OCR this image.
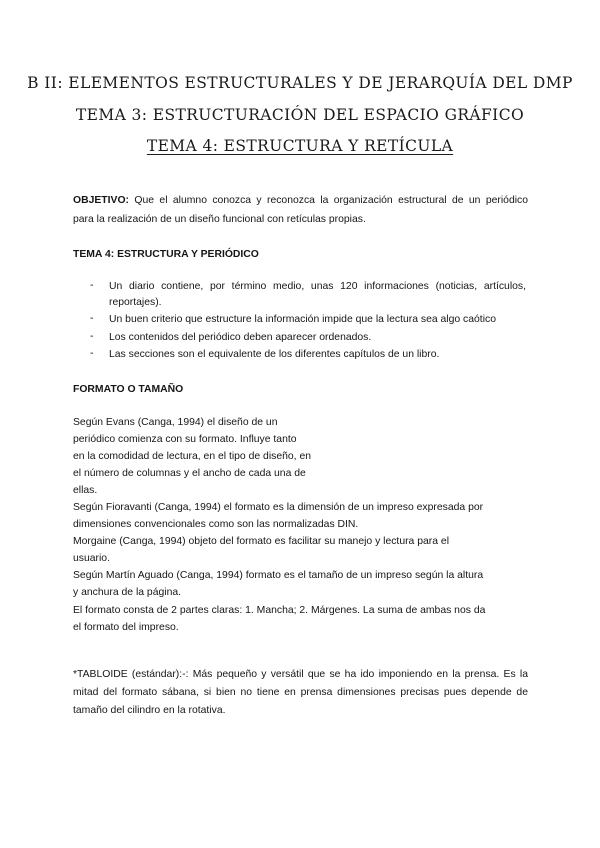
B II: ELEMENTOS ESTRUCTURALES Y DE JERARQUÍA DEL DMP
TEMA 3: ESTRUCTURACIÓN DEL ESPACIO GRÁFICO
TEMA 4: ESTRUCTURA Y RETÍCULA
OBJETIVO: Que el alumno conozca y reconozca la organización estructural de un periódico
para la realización de un diseño funcional con retículas propias.
TEMA 4: ESTRUCTURA Y PERIÓDICO
- Un diario contiene, por término medio, unas 120 informaciones (noticias, artículos,
reportajes).
- Un buen criterio que estructure la información impide que la lectura sea algo caótico
- Los contenidos del periódico deben aparecer ordenados.
- Las secciones son el equivalente de los diferentes capítulos de un libro.
FORMATO O TAMAÑO
Según Evans (Canga, 1994) el diseño de un
periódico comienza con su formato. Influye tanto
en la comodidad de lectura, en el tipo de diseño, en
el número de columnas y el ancho de cada una de
ellas.
Según Fioravanti (Canga, 1994) el formato es la dimensión de un impreso expresada por
dimensiones convencionales como son las normalizadas DIN.
Morgaine (Canga, 1994) objeto del formato es facilitar su manejo y lectura para el
usuario.
Según Martín Aguado (Canga, 1994) formato es el tamaño de un impreso según la altura
y anchura de la página.
El formato consta de 2 partes claras: 1. Mancha; 2. Márgenes. La suma de ambas nos da
el formato del impreso.
*TABLOIDE (estándar):-: Más pequeño y versátil que se ha ido imponiendo en la prensa. Es la
mitad del formato sábana, si bien no tiene en prensa dimensiones precisas pues depende de
tamaño del cilindro en la rotativa.
